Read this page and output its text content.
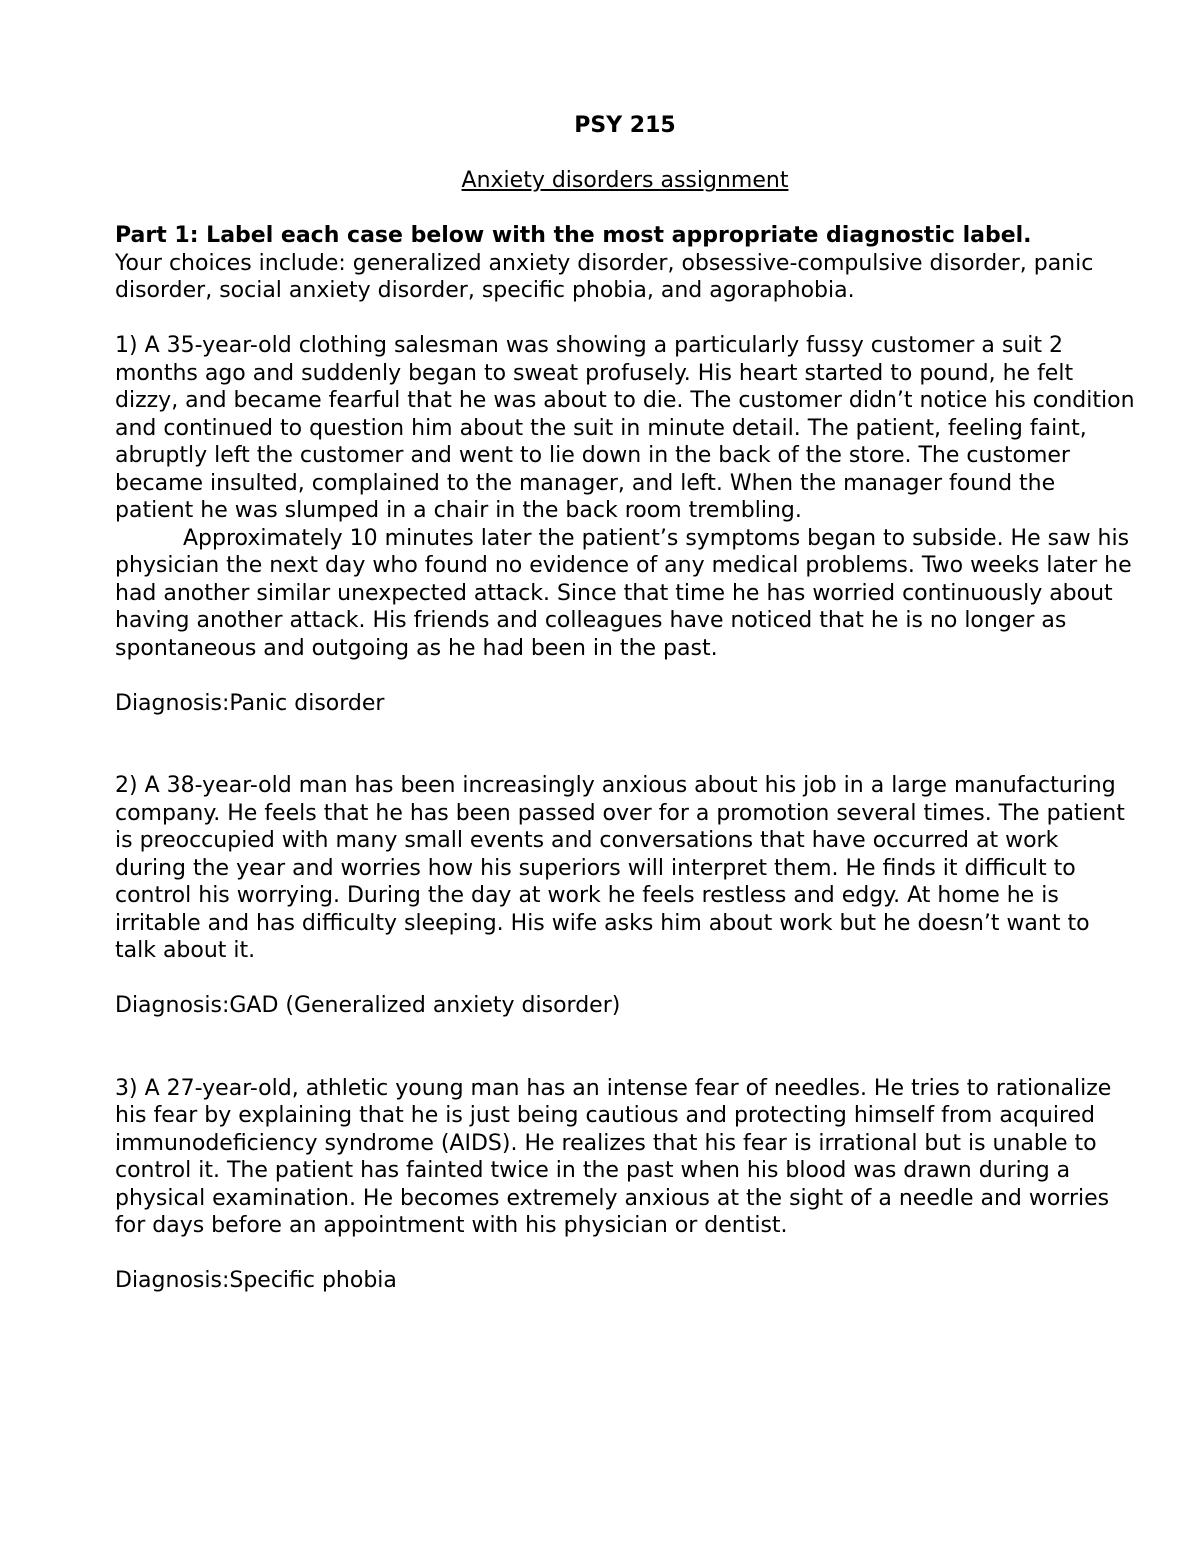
PSY 215

Anxiety disorders assignment

Part 1: Label each case below with the most appropriate diagnostic label.

Your choices include: generalized anxiety disorder, obsessive-compulsive disorder, panic disorder, social anxiety disorder, specific phobia, and agoraphobia.

1) A 35-year-old clothing salesman was showing a particularly fussy customer a suit 2 months ago and suddenly began to sweat profusely. His heart started to pound, he felt dizzy, and became fearful that he was about to die. The customer didn’t notice his condition and continued to question him about the suit in minute detail. The patient, feeling faint, abruptly left the customer and went to lie down in the back of the store. The customer became insulted, complained to the manager, and left. When the manager found the patient he was slumped in a chair in the back room trembling.

Approximately 10 minutes later the patient’s symptoms began to subside. He saw his physician the next day who found no evidence of any medical problems. Two weeks later he had another similar unexpected attack. Since that time he has worried continuously about having another attack. His friends and colleagues have noticed that he is no longer as spontaneous and outgoing as he had been in the past.

Diagnosis:Panic disorder

2) A 38-year-old man has been increasingly anxious about his job in a large manufacturing company. He feels that he has been passed over for a promotion several times. The patient is preoccupied with many small events and conversations that have occurred at work during the year and worries how his superiors will interpret them. He finds it difficult to control his worrying. During the day at work he feels restless and edgy. At home he is irritable and has difficulty sleeping. His wife asks him about work but he doesn’t want to talk about it.

Diagnosis:GAD (Generalized anxiety disorder)

3) A 27-year-old, athletic young man has an intense fear of needles. He tries to rationalize his fear by explaining that he is just being cautious and protecting himself from acquired immunodeficiency syndrome (AIDS). He realizes that his fear is irrational but is unable to control it. The patient has fainted twice in the past when his blood was drawn during a physical examination. He becomes extremely anxious at the sight of a needle and worries for days before an appointment with his physician or dentist.

Diagnosis:Specific phobia
